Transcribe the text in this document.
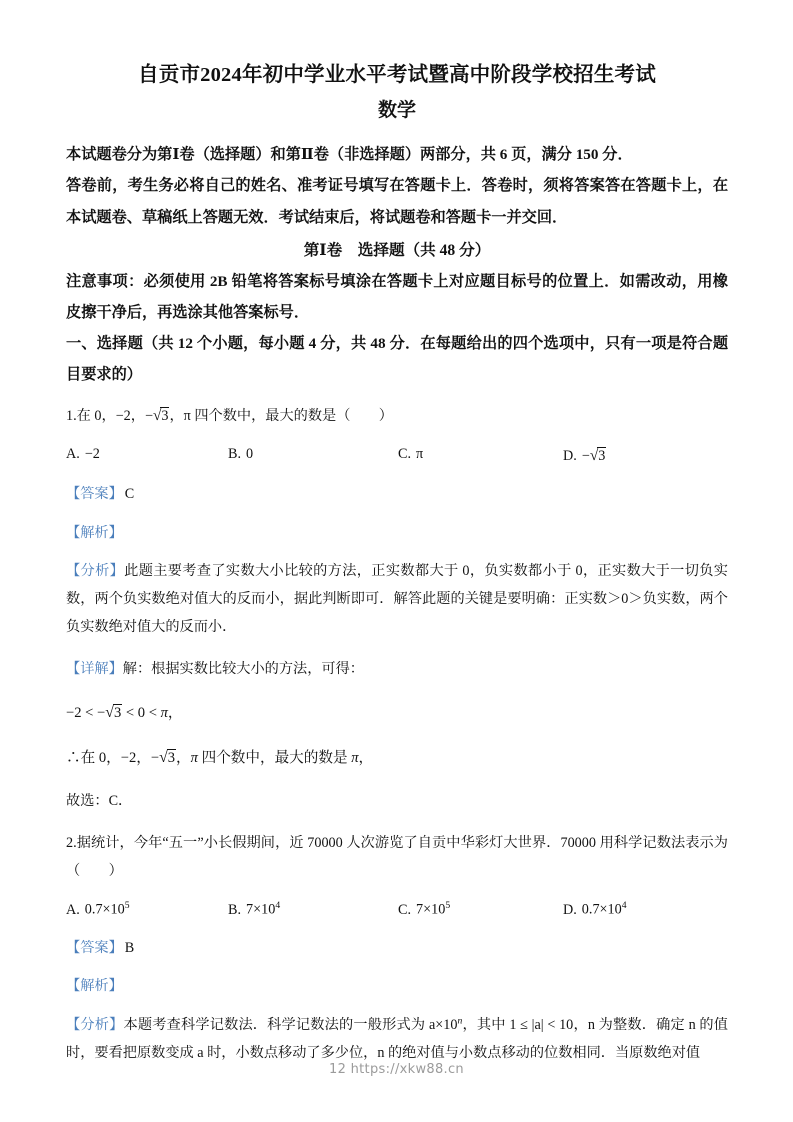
自贡市2024年初中学业水平考试暨高中阶段学校招生考试
数学

本试题卷分为第Ⅰ卷（选择题）和第Ⅱ卷（非选择题）两部分，共 6 页，满分 150 分．

答卷前，考生务必将自己的姓名、准考证号填写在答题卡上．答卷时，须将答案答在答题卡上，在本试题卷、草稿纸上答题无效．考试结束后，将试题卷和答题卡一并交回．

第Ⅰ卷　选择题（共 48 分）

注意事项：必须使用 2B 铅笔将答案标号填涂在答题卡上对应题目标号的位置上．如需改动，用橡皮擦干净后，再选涂其他答案标号．

一、选择题（共 12 个小题，每小题 4 分，共 48 分．在每题给出的四个选项中，只有一项是符合题目要求的）

1.在 0，−2，−√3，π 四个数中，最大的数是（　　）

A. −2	B. 0	C. π	D. −√3
【答案】 C
【解析】

【分析】此题主要考查了实数大小比较的方法，正实数都大于 0，负实数都小于 0，正实数大于一切负实数，两个负实数绝对值大的反而小，据此判断即可．解答此题的关键是要明确：正实数＞0＞负实数，两个负实数绝对值大的反而小．

【详解】解：根据实数比较大小的方法，可得：

−2 < −√3 < 0 < π，

∴在 0，−2，−√3，π 四个数中，最大的数是 π，

故选：C．

2.据统计，今年“五一”小长假期间，近 70000 人次游览了自贡中华彩灯大世界．70000 用科学记数法表示为（　　）

A. $0.7\times 10^5$	B. $7\times 10^4$	C. $7\times 10^5$	D. $0.7\times 10^4$
【答案】 B
【解析】

【分析】本题考查科学记数法．科学记数法的一般形式为 $a\times 10^n$，其中 1 ≤ |a| < 10，n 为整数．确定 n 的值时，要看把原数变成 a 时，小数点移动了多少位，n 的绝对值与小数点移动的位数相同．当原数绝对值

12 https://xkw88.cn
